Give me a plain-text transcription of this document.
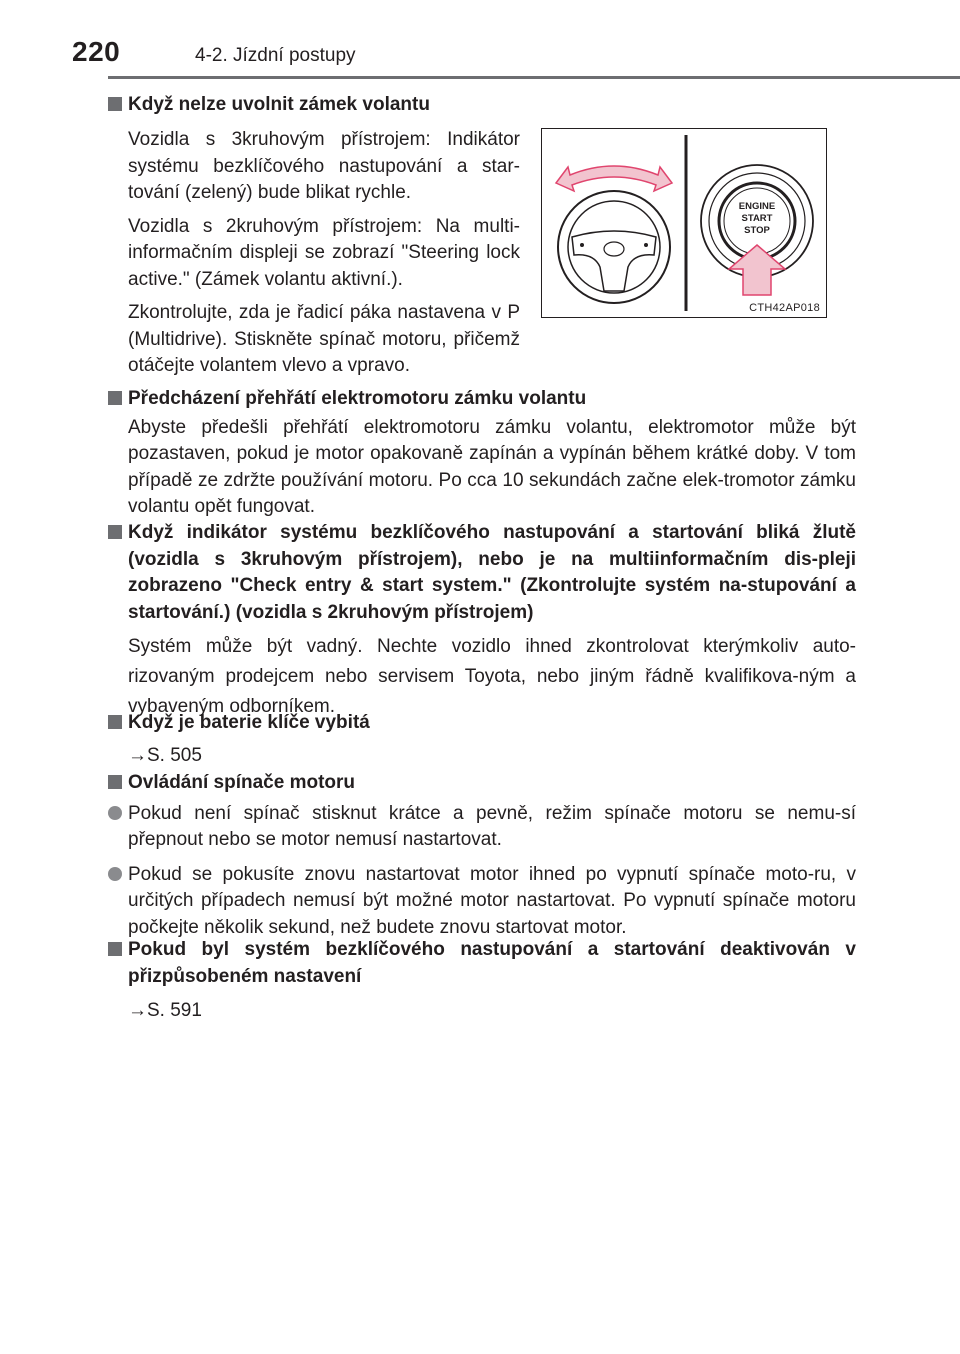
220	4-2. Jízdní postupy
Když nelze uvolnit zámek volantu
Vozidla s 3kruhovým přístrojem: Indikátor systému bezklíčového nastupování a star-tování (zelený) bude blikat rychle.
Vozidla s 2kruhovým přístrojem: Na multi-informačním displeji se zobrazí "Steering lock active." (Zámek volantu aktivní.).
Zkontrolujte, zda je řadicí páka nastavena v P (Multidrive). Stiskněte spínač motoru, přičemž otáčejte volantem vlevo a vpravo.
ENGINE
START
STOP
CTH42AP018
Předcházení přehřátí elektromotoru zámku volantu
Abyste předešli přehřátí elektromotoru zámku volantu, elektromotor může být pozastaven, pokud je motor opakovaně zapínán a vypínán během krátké doby. V tom případě ze zdržte používání motoru. Po cca 10 sekundách začne elek-tromotor zámku volantu opět fungovat.
Když indikátor systému bezklíčového nastupování a startování bliká žlutě (vozidla s 3kruhovým přístrojem), nebo je na multiinformačním dis-pleji zobrazeno "Check entry & start system." (Zkontrolujte systém na-stupování a startování.) (vozidla s 2kruhovým přístrojem)
Systém může být vadný. Nechte vozidlo ihned zkontrolovat kterýmkoliv auto-rizovaným prodejcem nebo servisem Toyota, nebo jiným řádně kvalifikova-ným a vybaveným odborníkem.
Když je baterie klíče vybitá
→S. 505
Ovládání spínače motoru
Pokud není spínač stisknut krátce a pevně, režim spínače motoru se nemu-sí přepnout nebo se motor nemusí nastartovat.
Pokud se pokusíte znovu nastartovat motor ihned po vypnutí spínače moto-ru, v určitých případech nemusí být možné motor nastartovat. Po vypnutí spínače motoru počkejte několik sekund, než budete znovu startovat motor.
Pokud byl systém bezklíčového nastupování a startování deaktivován v přizpůsobeném nastavení
→S. 591
